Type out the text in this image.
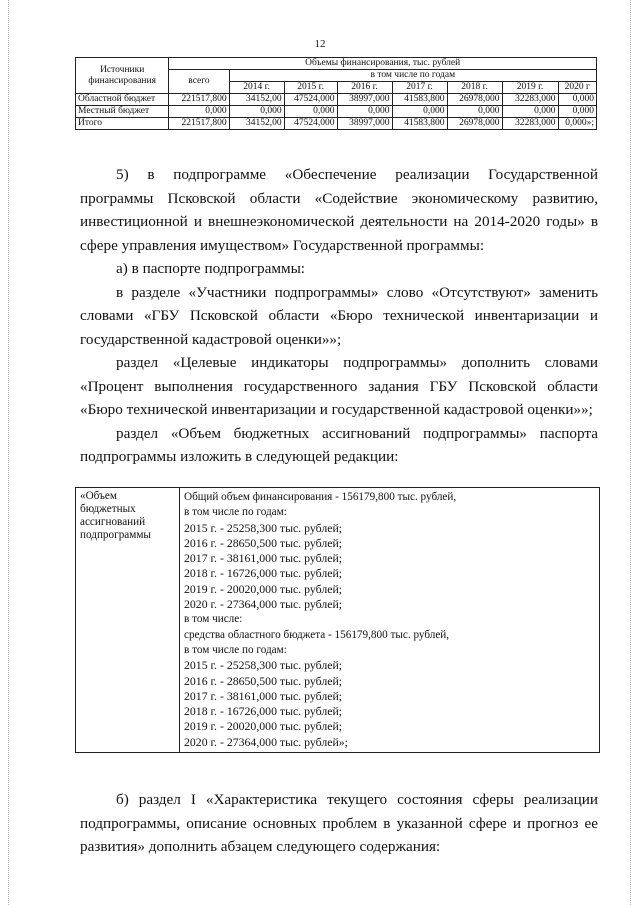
12
Источники финансирования	Объемы финансирования, тыс. рублей							
	всего	в том числе по годам						
		2014 г.	2015 г.	2016 г.	2017 г.	2018 г.	2019 г.	2020 г
Областной бюджет	221517,800	34152,00	47524,000	38997,000	41583,800	26978,000	32283,000	0,000
Местный бюджет	0,000	0,000	0,000	0,000	0,000	0,000	0,000	0,000
Итого	221517,800	34152,00	47524,000	38997,000	41583,800	26978,000	32283,000	0,000»;

5) в подпрограмме «Обеспечение реализации Государственной программы Псковской области «Содействие экономическому развитию, инвестиционной и внешнеэкономической деятельности на 2014-2020 годы» в сфере управления имуществом» Государственной программы:

а) в паспорте подпрограммы:

в разделе «Участники подпрограммы» слово «Отсутствуют» заменить словами «ГБУ Псковской области «Бюро технической инвентаризации и государственной кадастровой оценки»»;

раздел «Целевые индикаторы подпрограммы» дополнить словами «Процент выполнения государственного задания ГБУ Псковской области «Бюро технической инвентаризации и государственной кадастровой оценки»»;

раздел «Объем бюджетных ассигнований подпрограммы» паспорта подпрограммы изложить в следующей редакции:

«Объем бюджетных ассигнований подпрограммы	
Общий объем финансирования - 156179,800 тыс. рублей,
в том числе по годам:
2015 г. - 25258,300 тыс. рублей;
2016 г. - 28650,500 тыс. рублей;
2017 г. - 38161,000 тыс. рублей;
2018 г. - 16726,000 тыс. рублей;
2019 г. - 20020,000 тыс. рублей;
2020 г. - 27364,000 тыс. рублей;
в том числе:
средства областного бюджета - 156179,800 тыс. рублей,
в том числе по годам:
2015 г. - 25258,300 тыс. рублей;
2016 г. - 28650,500 тыс. рублей;
2017 г. - 38161,000 тыс. рублей;
2018 г. - 16726,000 тыс. рублей;
2019 г. - 20020,000 тыс. рублей;
2020 г. - 27364,000 тыс. рублей»;

б) раздел I «Характеристика текущего состояния сферы реализации подпрограммы, описание основных проблем в указанной сфере и прогноз ее развития» дополнить абзацем следующего содержания:
